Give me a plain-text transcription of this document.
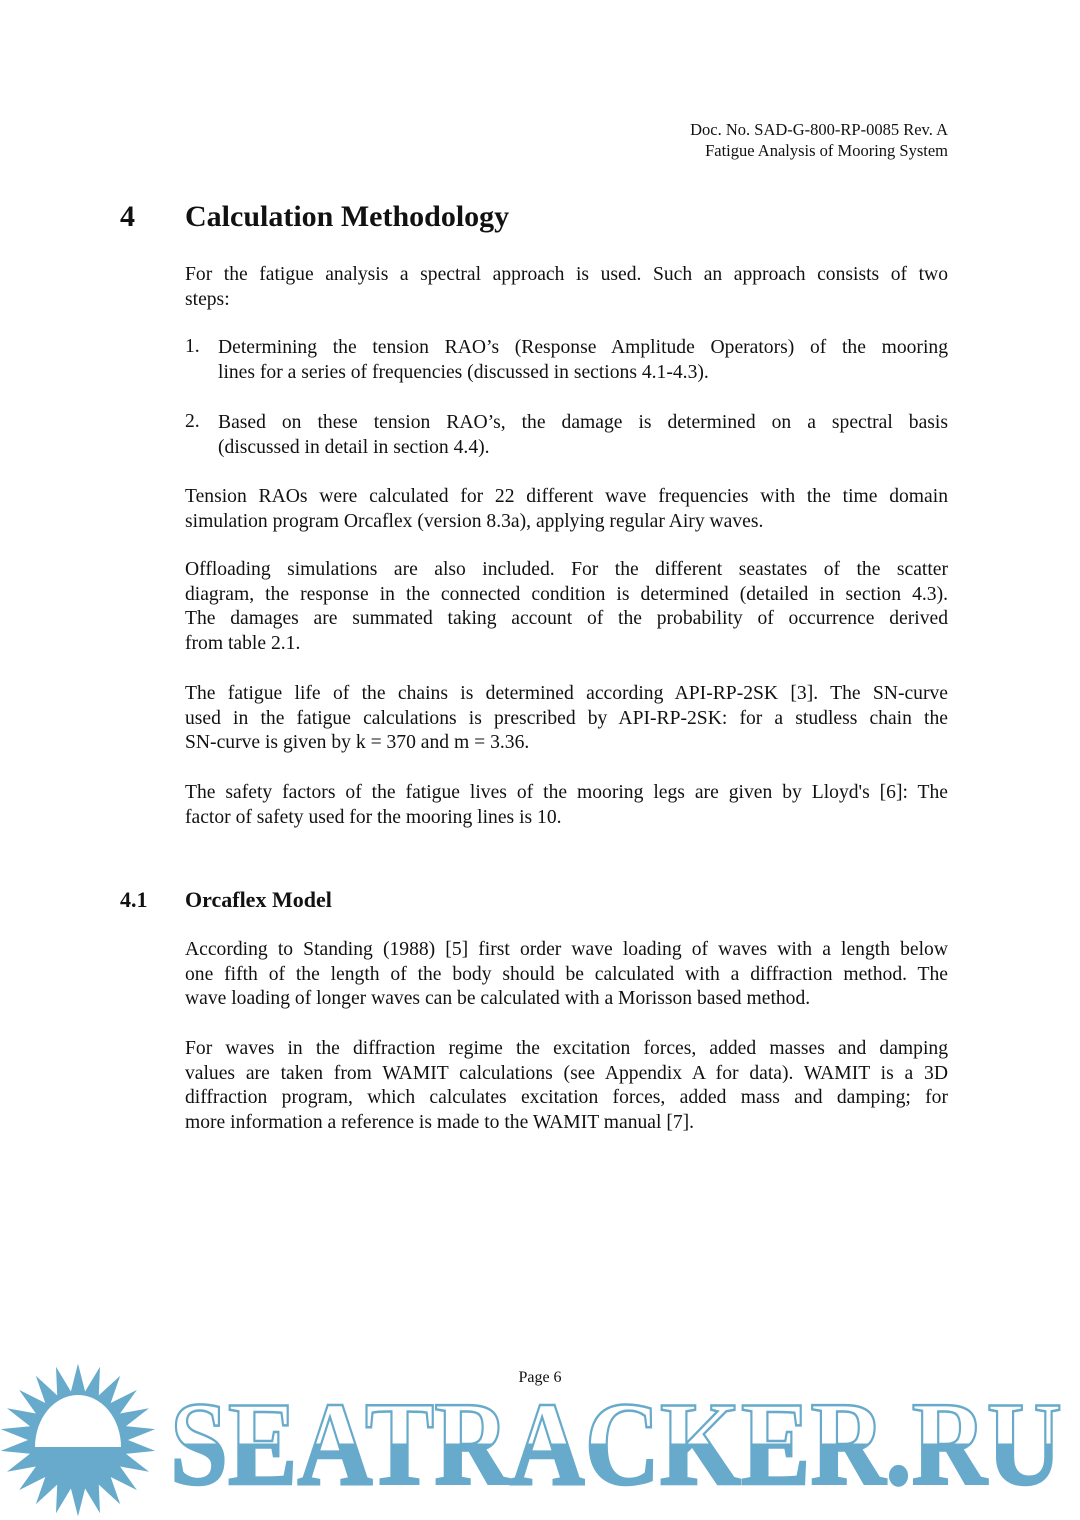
Doc. No. SAD-G-800-RP-0085 Rev. A
Fatigue Analysis of Mooring System
4 Calculation Methodology
For the fatigue analysis a spectral approach is used. Such an approach consists of two
steps:
1. Determining the tension RAO’s (Response Amplitude Operators) of the mooring
lines for a series of frequencies (discussed in sections 4.1-4.3).
2. Based on these tension RAO’s, the damage is determined on a spectral basis
(discussed in detail in section 4.4).
Tension RAOs were calculated for 22 different wave frequencies with the time domain
simulation program Orcaflex (version 8.3a), applying regular Airy waves.
Offloading simulations are also included. For the different seastates of the scatter
diagram, the response in the connected condition is determined (detailed in section 4.3).
The damages are summated taking account of the probability of occurrence derived
from table 2.1.
The fatigue life of the chains is determined according API-RP-2SK [3]. The SN-curve
used in the fatigue calculations is prescribed by API-RP-2SK: for a studless chain the
SN-curve is given by k = 370 and m = 3.36.
The safety factors of the fatigue lives of the mooring legs are given by Lloyd's [6]: The
factor of safety used for the mooring lines is 10.
According to Standing (1988) [5] first order wave loading of waves with a length below
one fifth of the length of the body should be calculated with a diffraction method. The
wave loading of longer waves can be calculated with a Morisson based method.
For waves in the diffraction regime the excitation forces, added masses and damping
values are taken from WAMIT calculations (see Appendix A for data). WAMIT is a 3D
diffraction program, which calculates excitation forces, added mass and damping; for
more information a reference is made to the WAMIT manual [7].
4.1 Orcaflex Model
Page 6
SEATRACKER.RU
